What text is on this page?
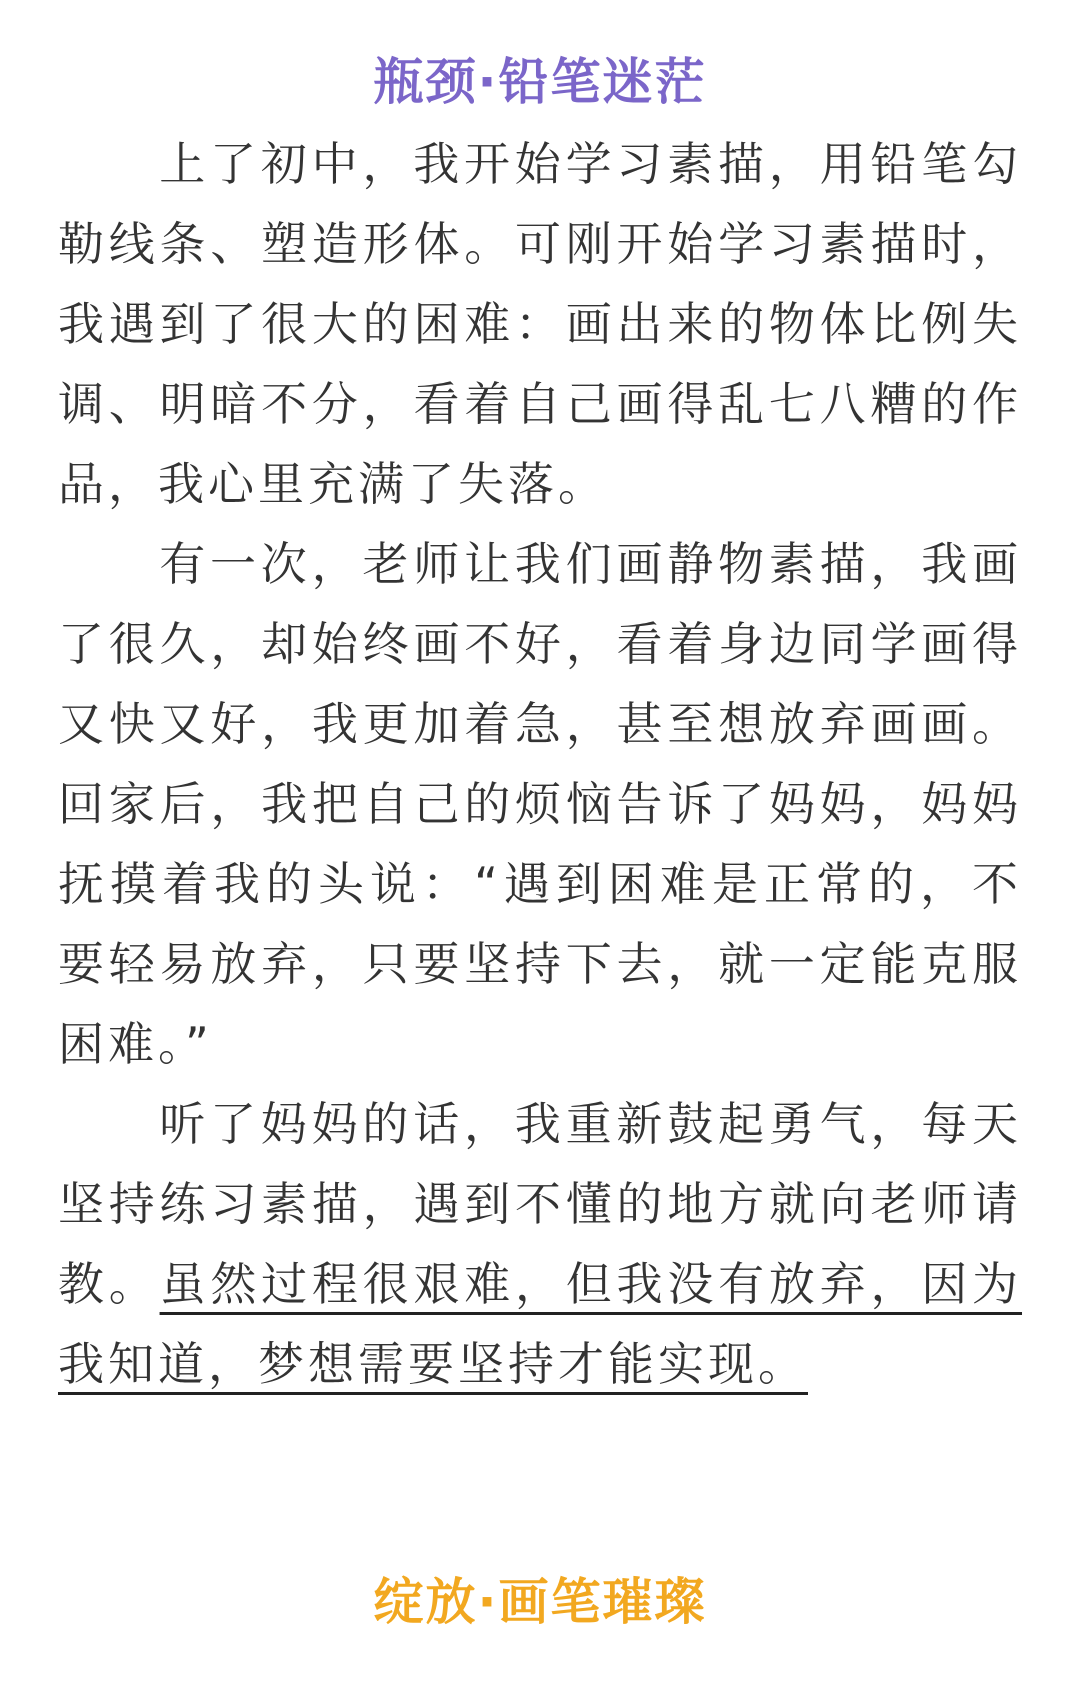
瓶颈·铅笔迷茫

上了初中，我开始学习素描，用铅笔勾勒线条、塑造形体。可刚开始学习素描时，我遇到了很大的困难：画出来的物体比例失调、明暗不分，看着自己画得乱七八糟的作品，我心里充满了失落。

有一次，老师让我们画静物素描，我画了很久，却始终画不好，看着身边同学画得又快又好，我更加着急，甚至想放弃画画。回家后，我把自己的烦恼告诉了妈妈，妈妈抚摸着我的头说：“遇到困难是正常的，不要轻易放弃，只要坚持下去，就一定能克服困难。”

听了妈妈的话，我重新鼓起勇气，每天坚持练习素描，遇到不懂的地方就向老师请教。虽然过程很艰难，但我没有放弃，因为我知道，梦想需要坚持才能实现。

绽放·画笔璀璨
